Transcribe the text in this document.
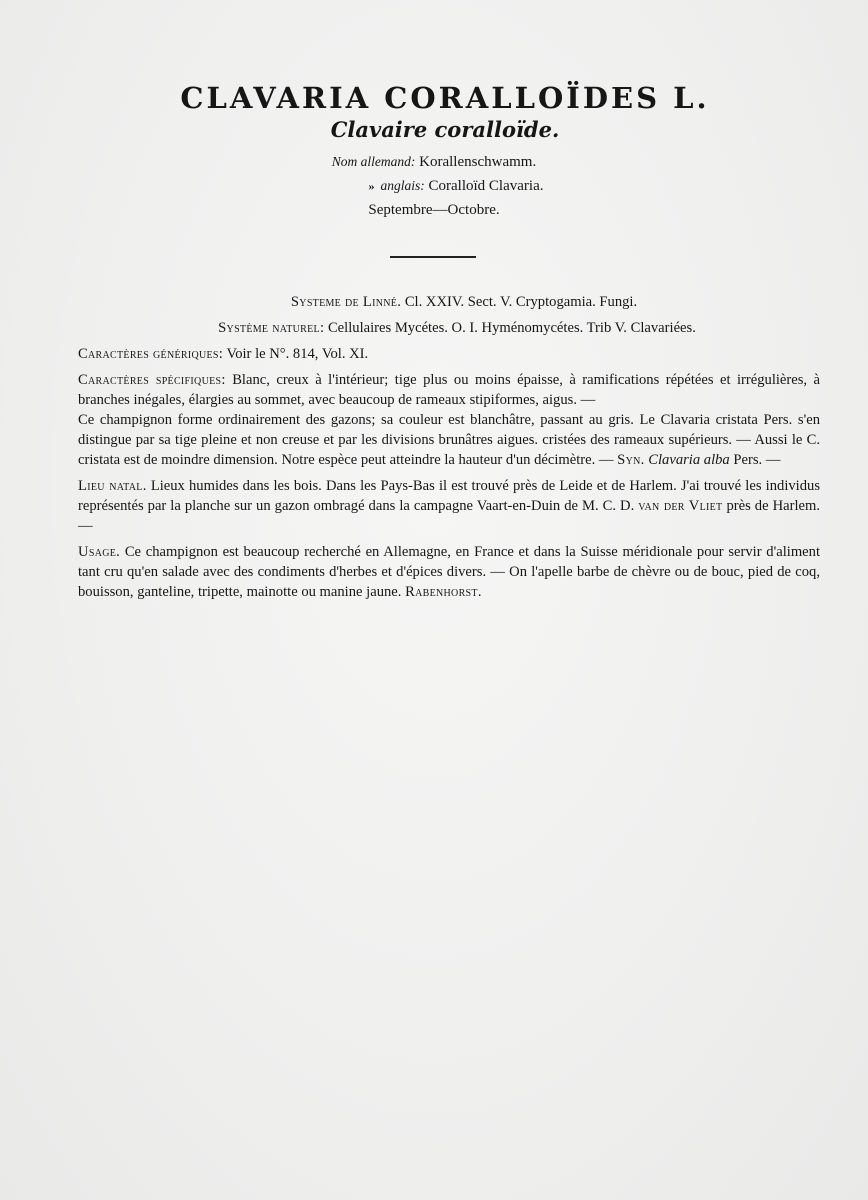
CLAVARIA CORALLOÏDES L.
Clavaire coralloïde.
Nom allemand: Korallenschwamm.
» anglais: Coralloïd Clavaria.
Septembre—Octobre.

Systeme de Linné. Cl. XXIV. Sect. V. Cryptogamia. Fungi.

Système naturel: Cellulaires Mycétes. O. I. Hyménomycétes. Trib V. Clavariées.

Caractères génériques: Voir le N°. 814, Vol. XI.

Caractères spécifiques: Blanc, creux à l'intérieur; tige plus ou moins épaisse, à ramifications répétées et irrégulières, à branches inégales, élargies au sommet, avec beaucoup de rameaux stipiformes, aigus. —

Ce champignon forme ordinairement des gazons; sa couleur est blanchâtre, passant au gris. Le Clavaria cristata Pers. s'en distingue par sa tige pleine et non creuse et par les divisions brunâtres aigues. cristées des rameaux supérieurs. — Aussi le C. cristata est de moindre dimension. Notre espèce peut atteindre la hauteur d'un décimètre. — Syn. Clavaria alba Pers. —

Lieu natal. Lieux humides dans les bois. Dans les Pays-Bas il est trouvé près de Leide et de Harlem. J'ai trouvé les individus représentés par la planche sur un gazon ombragé dans la campagne Vaart-en-Duin de M. C. D. van der Vliet près de Harlem. —

Usage. Ce champignon est beaucoup recherché en Allemagne, en France et dans la Suisse méridionale pour servir d'aliment tant cru qu'en salade avec des condiments d'herbes et d'épices divers. — On l'apelle barbe de chèvre ou de bouc, pied de coq, bouisson, ganteline, tripette, mainotte ou manine jaune. Rabenhorst.
